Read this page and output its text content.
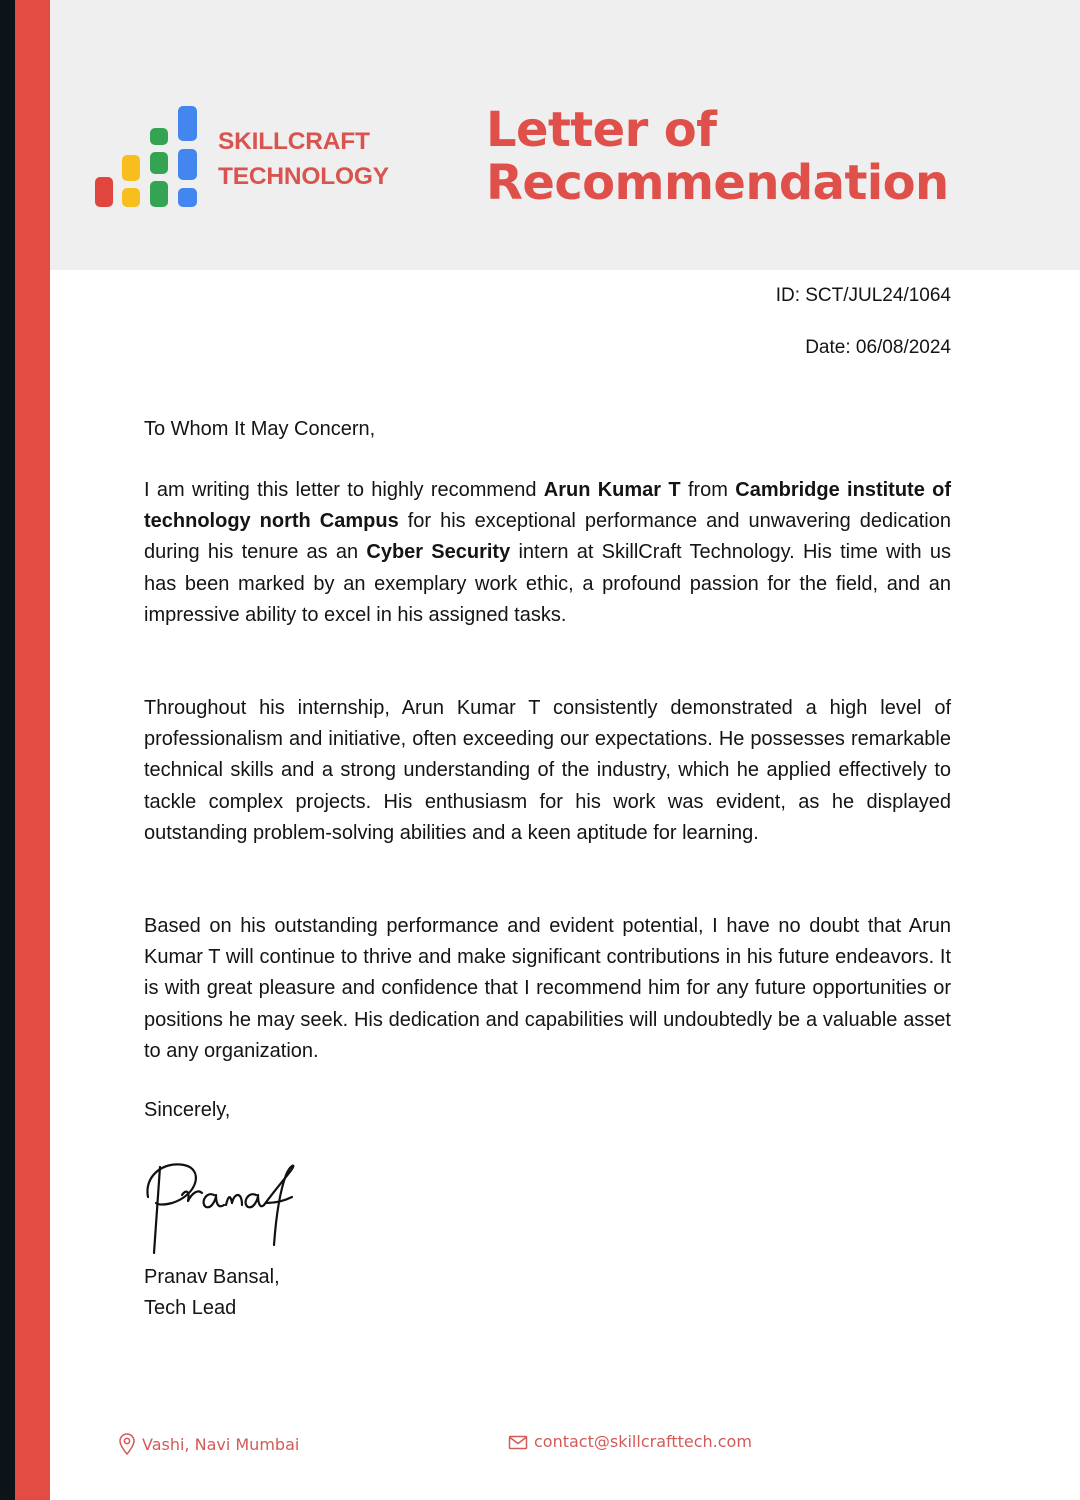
SKILLCRAFT
TECHNOLOGY
Letter of
Recommendation
ID: SCT/JUL24/1064
Date: 06/08/2024
To Whom It May Concern,
I am writing this letter to highly recommend Arun Kumar T from Cambridge institute of technology north Campus for his exceptional performance and unwavering dedication during his tenure as an Cyber Security intern at SkillCraft Technology. His time with us has been marked by an exemplary work ethic, a profound passion for the field, and an impressive ability to excel in his assigned tasks.
Throughout his internship, Arun Kumar T consistently demonstrated a high level of professionalism and initiative, often exceeding our expectations. He possesses remarkable technical skills and a strong understanding of the industry, which he applied effectively to tackle complex projects. His enthusiasm for his work was evident, as he displayed outstanding problem-solving abilities and a keen aptitude for learning.
Based on his outstanding performance and evident potential, I have no doubt that Arun Kumar T will continue to thrive and make significant contributions in his future endeavors. It is with great pleasure and confidence that I recommend him for any future opportunities or positions he may seek. His dedication and capabilities will undoubtedly be a valuable asset to any organization.
Sincerely,
Pranav Bansal,
Tech Lead
Vashi, Navi Mumbai	contact@skillcrafttech.com
